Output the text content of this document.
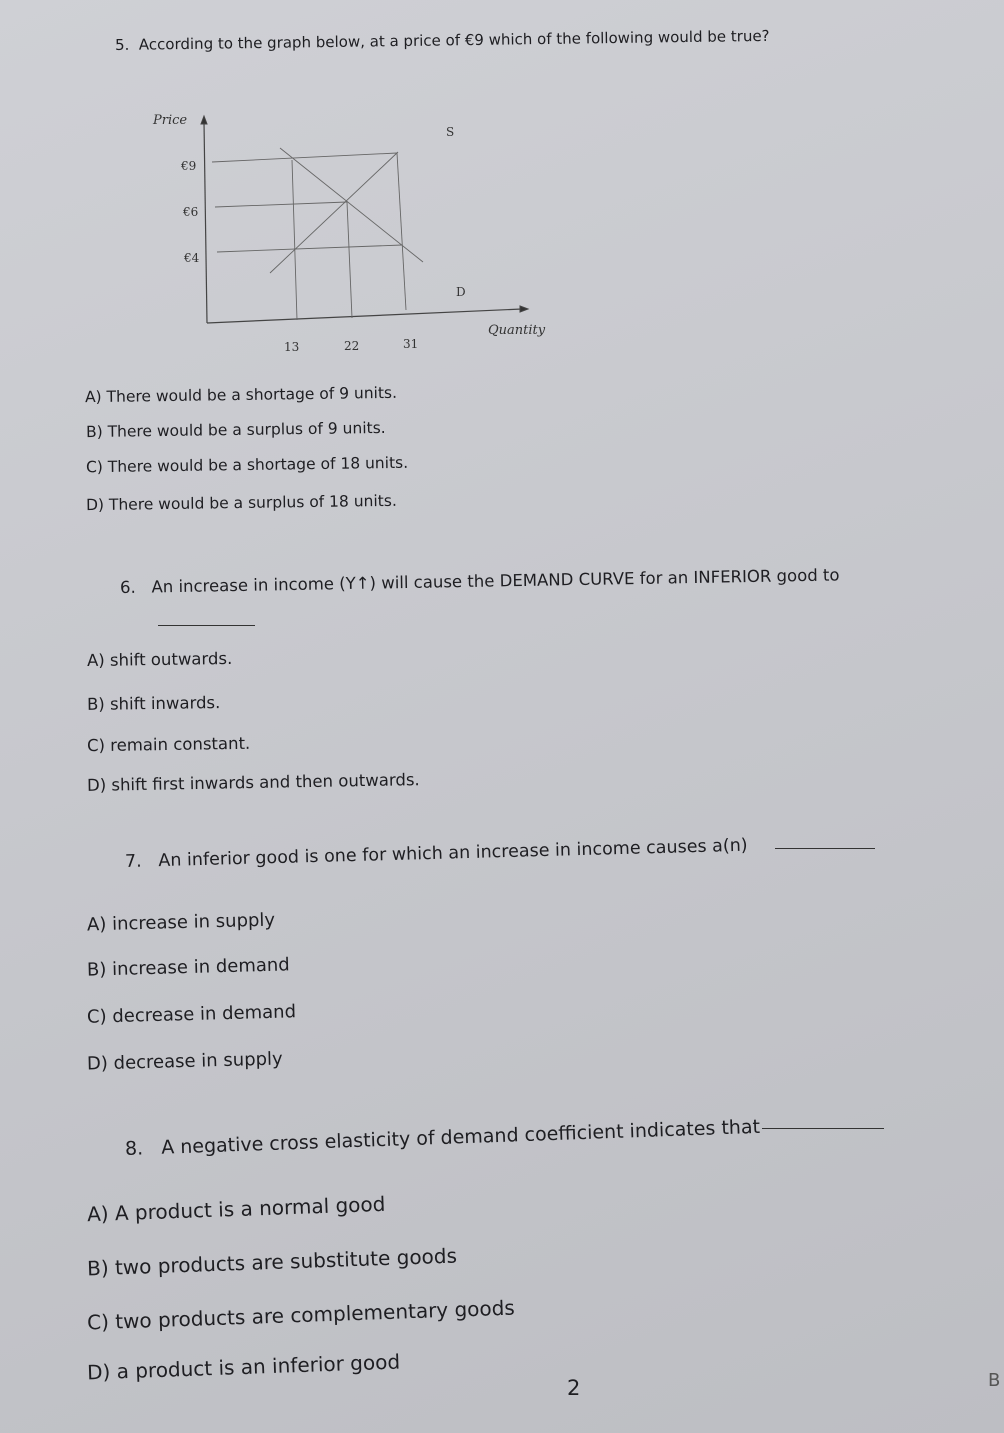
5. According to the graph below, at a price of €9 which of the following would be true?
Price
S
D
€9
€6
€4
Quantity
13	22	31
A) There would be a shortage of 9 units.
B) There would be a surplus of 9 units.
C) There would be a shortage of 18 units.
D) There would be a surplus of 18 units.
6. An increase in income (Y↑) will cause the DEMAND CURVE for an INFERIOR good to
A) shift outwards.
B) shift inwards.
C) remain constant.
D) shift first inwards and then outwards.
7. An inferior good is one for which an increase in income causes a(n)
A) increase in supply
B) increase in demand
C) decrease in demand
D) decrease in supply
8. A negative cross elasticity of demand coefficient indicates that
A) A product is a normal good
B) two products are substitute goods
C) two products are complementary goods
D) a product is an inferior good
2	B
